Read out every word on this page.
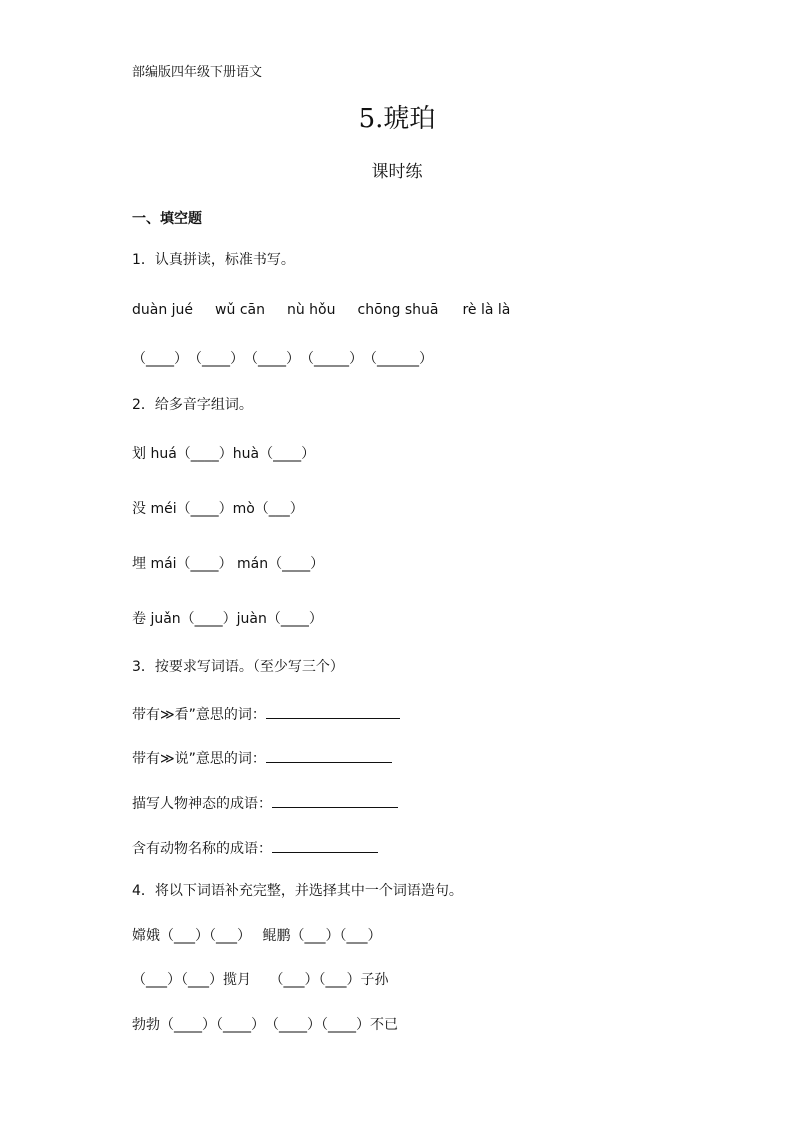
部编版四年级下册语文
5.琥珀
课时练
一、填空题
1．认真拼读，标准书写。
duàn jué wǔ cān nù hǒu chōng shuā rè là là
（____）　（____）　（____）　（_____）　（______）
2．给多音字组词。
划 huá（____）huà（____）
没 méi（____）mò（___）
埋 mái（____） mán（____）
卷 juǎn（____）juàn（____）
3．按要求写词语。（至少写三个）
带有≫看”意思的词：
带有≫说”意思的词：
描写人物神态的成语：
含有动物名称的成语：
4．将以下词语补充完整，并选择其中一个词语造句。
嫦娥（___）（___）　 鲲鹏（___）（___）
（___）（___）揽月　 （___）（___）子孙
勃勃（____）（____）　（____）（____）不已
